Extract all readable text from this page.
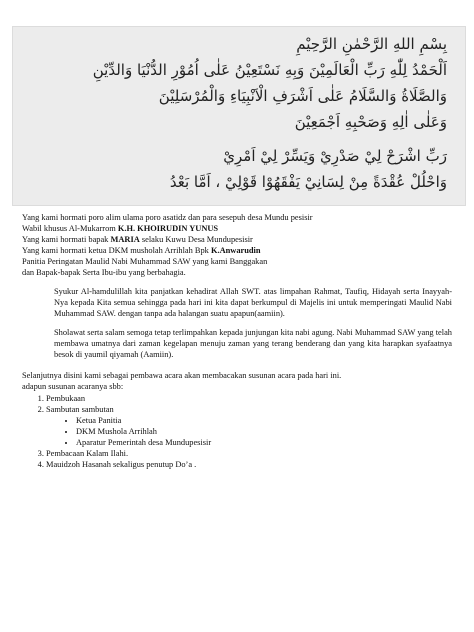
بِسْمِ اللهِ الرَّحْمٰنِ الرَّحِيْمِ
اَلْحَمْدُ لِلّٰهِ رَبِّ الْعَالَمِيْنَ وَبِهِ نَسْتَعِيْنُ عَلٰى اُمُوْرِ الدُّنْيَا وَالدِّيْنِ
وَالصَّلَاةُ وَالسَّلَامُ عَلٰى اَشْرَفِ الْاَنْبِيَاءِ وَالْمُرْسَلِيْنَ
وَعَلٰى اٰلِهِ وَصَحْبِهِ اَجْمَعِيْنَ
رَبِّ اشْرَحْ لِيْ صَدْرِيْ وَيَسِّرْ لِيْ اَمْرِيْ
وَاحْلُلْ عُقْدَةً مِنْ لِسَانِيْ يَفْقَهُوْا قَوْلِيْ ، اَمَّا بَعْدُ

Yang kami hormati poro alim ulama poro asatidz dan para sesepuh desa Mundu pesisir

Wabil khusus Al-Mukarrom K.H. KHOIRUDIN YUNUS

Yang kami hormati bapak MARIA selaku Kuwu Desa Mundupesisir

Yang kami hormati ketua DKM musholah Arrihlah Bpk K.Anwarudin

Panitia Peringatan Maulid Nabi Muhammad SAW yang kami Banggakan

dan Bapak-bapak Serta Ibu-ibu yang berbahagia.

Syukur Al-hamdulillah kita panjatkan kehadirat Allah SWT. atas limpahan Rahmat, Taufiq, Hidayah serta Inayyah-Nya kepada Kita semua sehingga pada hari ini kita dapat berkumpul di Majelis ini untuk memperingati Maulid Nabi Muhammad SAW. dengan tanpa ada halangan suatu apapun(aamiin).

Sholawat serta salam semoga tetap terlimpahkan kepada junjungan kita nabi agung. Nabi Muhammad SAW yang telah membawa umatnya dari zaman kegelapan menuju zaman yang terang benderang dan yang kita harapkan syafaatnya besok di yaumil qiyamah (Aamiin).

Selanjutnya disini kami sebagai pembawa acara akan membacakan susunan acara pada hari ini.

adapun susunan acaranya sbb:

1. Pembukaan
2. Sambutan sambutan
• Ketua Panitia
• DKM Mushola Arrihlah
• Aparatur Pemerintah desa Mundupesisir
3. Pembacaan Kalam Ilahi.
4. Mauidzoh Hasanah sekaligus penutup Do’a .
